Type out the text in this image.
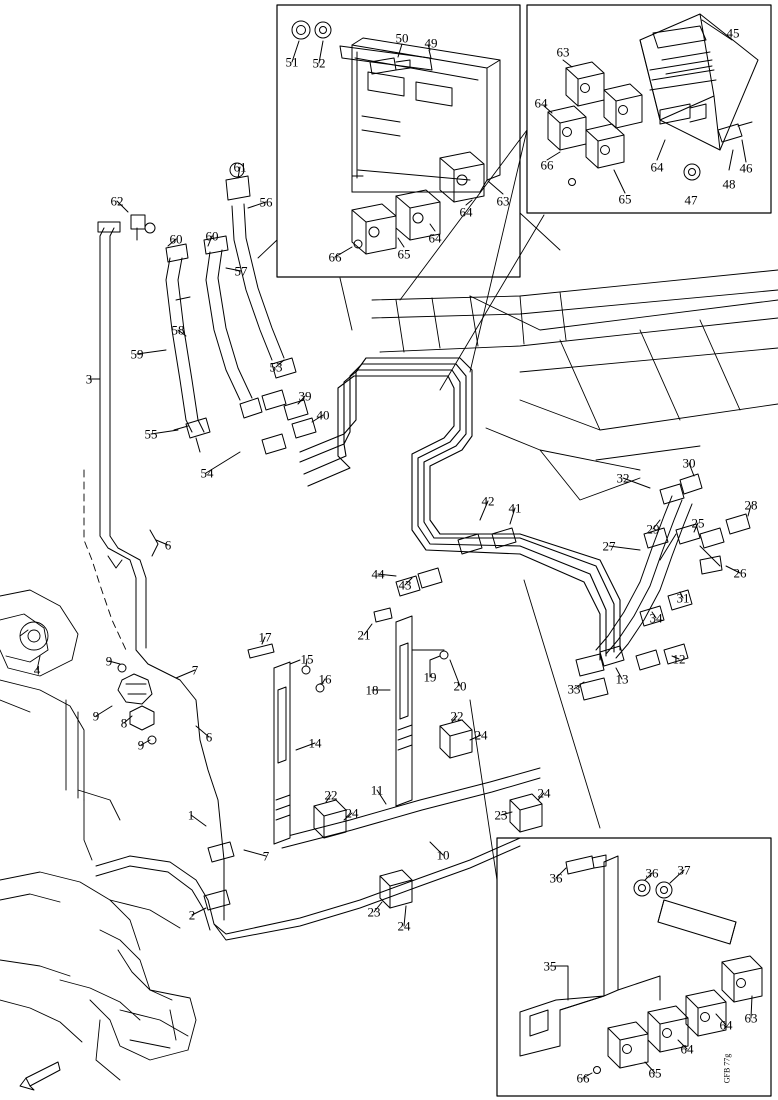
GFB 77g
51 52
50 49
63
45
64
66
65
64
47
48
46
64
63
66	65
64
61
56
62
60 60
57
58
59
3
53
39
40
55
54
6
32
30
29 25
28
27
26
31
34
42 41
44
43
33
13
12
4
9
7
8
9
9
6
17
15
16
21
19
20
18
22
24
14
22
24
11	24
23
10
1
7
2	23
24
36 37
36
35
63
64
64
65
66
